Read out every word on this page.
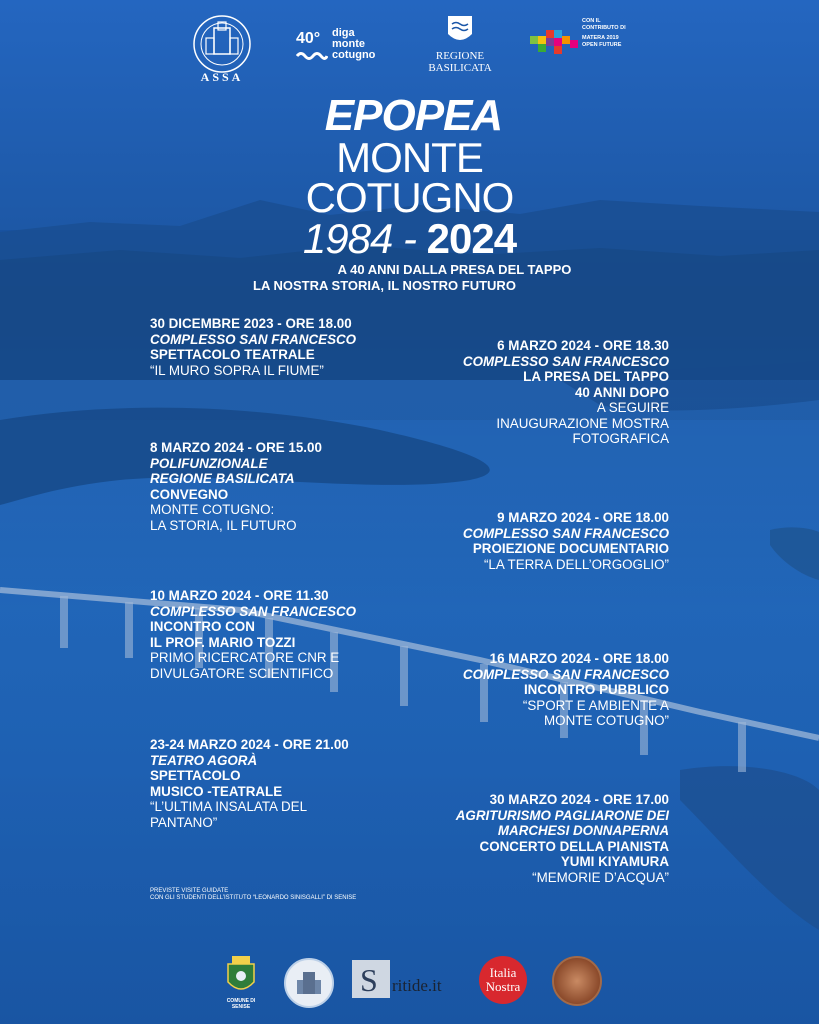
ASSA
40° diga
monte
cotugno	REGIONE
BASILICATA
CON IL
CONTRIBUTO DI
MATERA 2019
OPEN FUTURE
EPOPEA
MONTE
COTUGNO
1984 - 2024
A 40 ANNI DALLA PRESA DEL TAPPO
LA NOSTRA STORIA, IL NOSTRO FUTURO
30 DICEMBRE 2023 - ORE 18.00
COMPLESSO SAN FRANCESCO
SPETTACOLO TEATRALE
“IL MURO SOPRA IL FIUME”
6 MARZO 2024 - ORE 18.30
COMPLESSO SAN FRANCESCO
LA PRESA DEL TAPPO
40 ANNI DOPO
A SEGUIRE
INAUGURAZIONE MOSTRA
FOTOGRAFICA
8 MARZO 2024 - ORE 15.00
POLIFUNZIONALE
REGIONE BASILICATA
CONVEGNO
MONTE COTUGNO:
LA STORIA, IL FUTURO	9 MARZO 2024 - ORE 18.00
COMPLESSO SAN FRANCESCO
PROIEZIONE DOCUMENTARIO
“LA TERRA DELL’ORGOGLIO”
10 MARZO 2024 - ORE 11.30
COMPLESSO SAN FRANCESCO
INCONTRO CON
IL PROF. MARIO TOZZI
PRIMO RICERCATORE CNR E
DIVULGATORE SCIENTIFICO
16 MARZO 2024 - ORE 18.00
COMPLESSO SAN FRANCESCO
INCONTRO PUBBLICO
“SPORT E AMBIENTE A
MONTE COTUGNO”
23-24 MARZO 2024 - ORE 21.00
TEATRO AGORÀ
SPETTACOLO
MUSICO -TEATRALE
“L’ULTIMA INSALATA DEL
PANTANO”
30 MARZO 2024 - ORE 17.00
AGRITURISMO PAGLIARONE DEI
MARCHESI DONNAPERNA
CONCERTO DELLA PIANISTA
YUMI KIYAMURA
“MEMORIE D’ACQUA”
PREVISTE VISITE GUIDATE
CON GLI STUDENTI DELL’ISTITUTO “LEONARDO SINISGALLI” DI SENISE
COMUNE DI
SENISE
S ritide.it
Italia
Nostra
